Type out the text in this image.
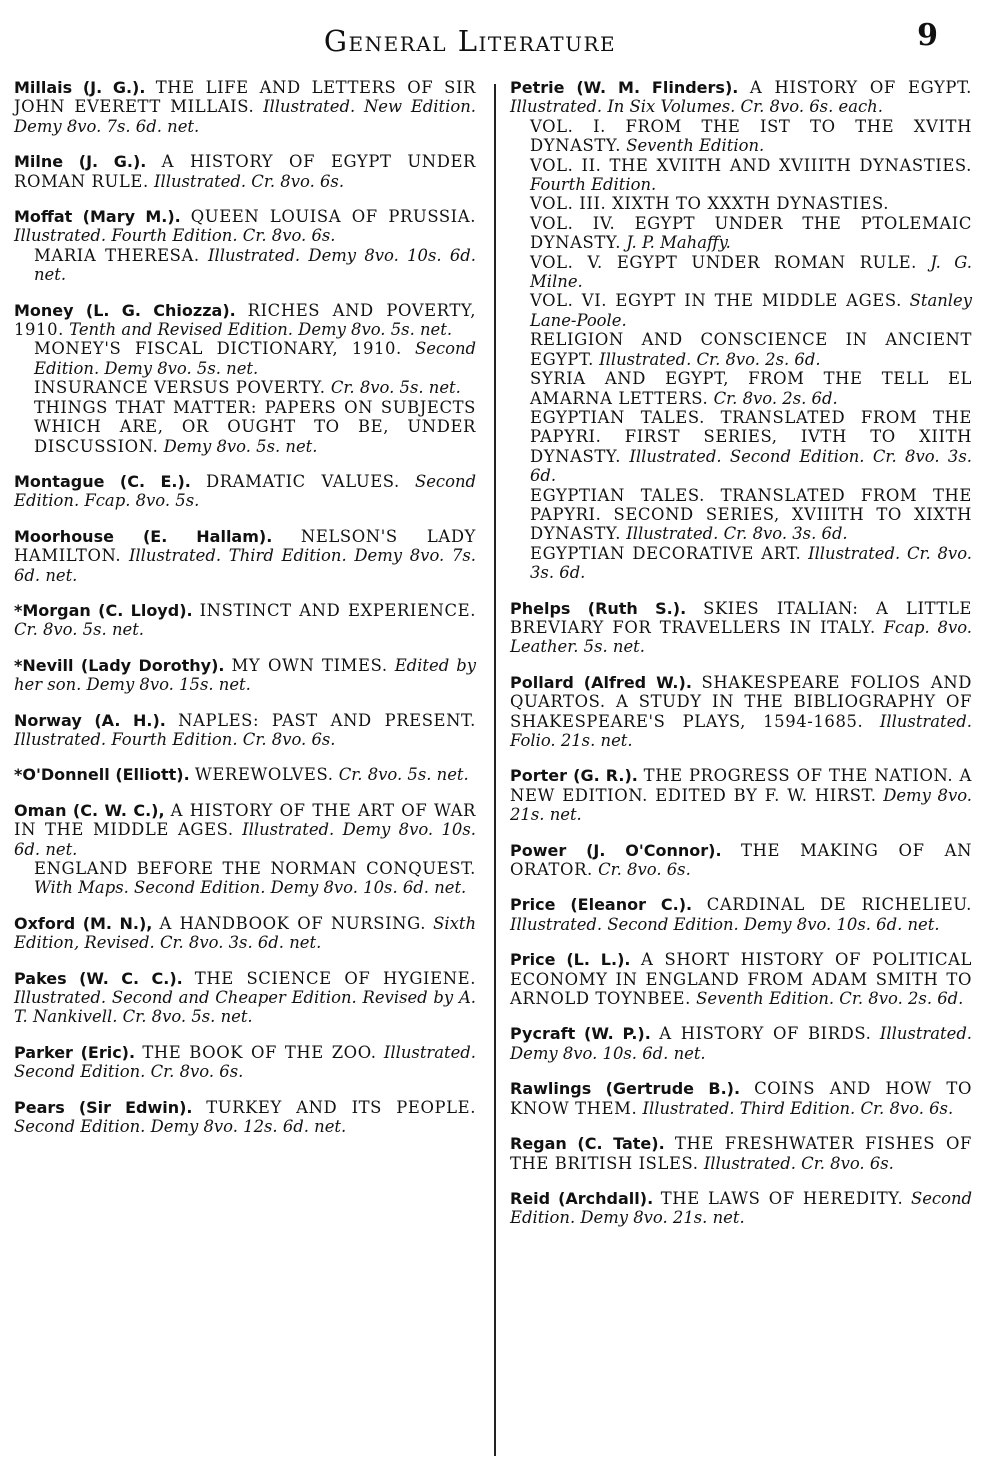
General Literature	9
Millais (J. G.). THE LIFE AND LETTERS OF SIR JOHN EVERETT MILLAIS. Illustrated. New Edition. Demy 8vo. 7s. 6d. net.
Milne (J. G.). A HISTORY OF EGYPT UNDER ROMAN RULE. Illustrated. Cr. 8vo. 6s.
Moffat (Mary M.). QUEEN LOUISA OF PRUSSIA. Illustrated. Fourth Edition. Cr. 8vo. 6s.
MARIA THERESA. Illustrated. Demy 8vo. 10s. 6d. net.
Money (L. G. Chiozza). RICHES AND POVERTY, 1910. Tenth and Revised Edition. Demy 8vo. 5s. net.
MONEY'S FISCAL DICTIONARY, 1910. Second Edition. Demy 8vo. 5s. net.
INSURANCE VERSUS POVERTY. Cr. 8vo. 5s. net.
THINGS THAT MATTER: PAPERS ON SUBJECTS WHICH ARE, OR OUGHT TO BE, UNDER DISCUSSION. Demy 8vo. 5s. net.
Montague (C. E.). DRAMATIC VALUES. Second Edition. Fcap. 8vo. 5s.
Moorhouse (E. Hallam). NELSON'S LADY HAMILTON. Illustrated. Third Edition. Demy 8vo. 7s. 6d. net.
*Morgan (C. Lloyd). INSTINCT AND EXPERIENCE. Cr. 8vo. 5s. net.
*Nevill (Lady Dorothy). MY OWN TIMES. Edited by her son. Demy 8vo. 15s. net.
Norway (A. H.). NAPLES: PAST AND PRESENT. Illustrated. Fourth Edition. Cr. 8vo. 6s.
*O'Donnell (Elliott). WEREWOLVES. Cr. 8vo. 5s. net.
Oman (C. W. C.), A HISTORY OF THE ART OF WAR IN THE MIDDLE AGES. Illustrated. Demy 8vo. 10s. 6d. net.
ENGLAND BEFORE THE NORMAN CONQUEST. With Maps. Second Edition. Demy 8vo. 10s. 6d. net.
Oxford (M. N.), A HANDBOOK OF NURSING. Sixth Edition, Revised. Cr. 8vo. 3s. 6d. net.
Pakes (W. C. C.). THE SCIENCE OF HYGIENE. Illustrated. Second and Cheaper Edition. Revised by A. T. Nankivell. Cr. 8vo. 5s. net.
Parker (Eric). THE BOOK OF THE ZOO. Illustrated. Second Edition. Cr. 8vo. 6s.
Pears (Sir Edwin). TURKEY AND ITS PEOPLE. Second Edition. Demy 8vo. 12s. 6d. net.
Petrie (W. M. Flinders). A HISTORY OF EGYPT. Illustrated. In Six Volumes. Cr. 8vo. 6s. each.
VOL. I. FROM THE IST TO THE XVITH DYNASTY. Seventh Edition.
VOL. II. THE XVIITH AND XVIIITH DYNASTIES. Fourth Edition.
VOL. III. XIXTH TO XXXTH DYNASTIES.
VOL. IV. EGYPT UNDER THE PTOLEMAIC DYNASTY. J. P. Mahaffy.
VOL. V. EGYPT UNDER ROMAN RULE. J. G. Milne.
VOL. VI. EGYPT IN THE MIDDLE AGES. Stanley Lane-Poole.
RELIGION AND CONSCIENCE IN ANCIENT EGYPT. Illustrated. Cr. 8vo. 2s. 6d.
SYRIA AND EGYPT, FROM THE TELL EL AMARNA LETTERS. Cr. 8vo. 2s. 6d.
EGYPTIAN TALES. TRANSLATED FROM THE PAPYRI. FIRST SERIES, IVTH TO XIITH DYNASTY. Illustrated. Second Edition. Cr. 8vo. 3s. 6d.
EGYPTIAN TALES. TRANSLATED FROM THE PAPYRI. SECOND SERIES, XVIIITH TO XIXTH DYNASTY. Illustrated. Cr. 8vo. 3s. 6d.
EGYPTIAN DECORATIVE ART. Illustrated. Cr. 8vo. 3s. 6d.
Phelps (Ruth S.). SKIES ITALIAN: A LITTLE BREVIARY FOR TRAVELLERS IN ITALY. Fcap. 8vo. Leather. 5s. net.
Pollard (Alfred W.). SHAKESPEARE FOLIOS AND QUARTOS. A STUDY IN THE BIBLIOGRAPHY OF SHAKESPEARE'S PLAYS, 1594-1685. Illustrated. Folio. 21s. net.
Porter (G. R.). THE PROGRESS OF THE NATION. A NEW EDITION. EDITED BY F. W. HIRST. Demy 8vo. 21s. net.
Power (J. O'Connor). THE MAKING OF AN ORATOR. Cr. 8vo. 6s.
Price (Eleanor C.). CARDINAL DE RICHELIEU. Illustrated. Second Edition. Demy 8vo. 10s. 6d. net.
Price (L. L.). A SHORT HISTORY OF POLITICAL ECONOMY IN ENGLAND FROM ADAM SMITH TO ARNOLD TOYNBEE. Seventh Edition. Cr. 8vo. 2s. 6d.
Pycraft (W. P.). A HISTORY OF BIRDS. Illustrated. Demy 8vo. 10s. 6d. net.
Rawlings (Gertrude B.). COINS AND HOW TO KNOW THEM. Illustrated. Third Edition. Cr. 8vo. 6s.
Regan (C. Tate). THE FRESHWATER FISHES OF THE BRITISH ISLES. Illustrated. Cr. 8vo. 6s.
Reid (Archdall). THE LAWS OF HEREDITY. Second Edition. Demy 8vo. 21s. net.
